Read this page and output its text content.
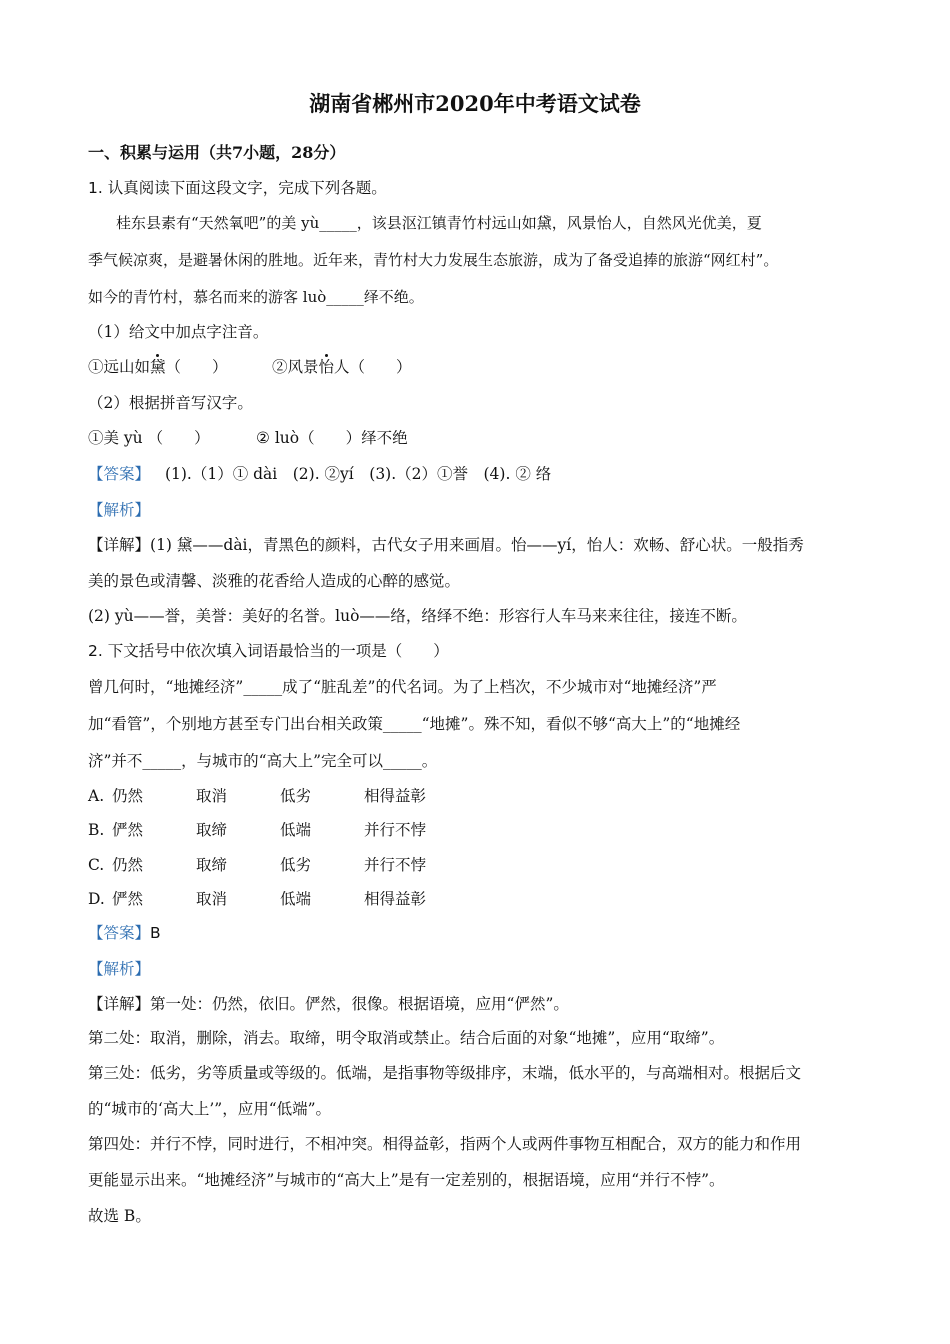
湖南省郴州市2020年中考语文试卷
一、积累与运用（共7小题，28分）
1. 认真阅读下面这段文字，完成下列各题。
桂东县素有“天然氧吧”的美 yù_____，该县沤江镇青竹村远山如黛，风景怡人，自然风光优美，夏
季气候凉爽，是避暑休闲的胜地。近年来，青竹村大力发展生态旅游，成为了备受追捧的旅游“网红村”。
如今的青竹村，慕名而来的游客 luò_____绎不绝。
（1）给文中加点字注音。
①远山如黛（　　）	②风景怡人（　　）
（2）根据拼音写汉字。
①美 yù （　　）	② luò（　　）绎不绝
【答案】 (1).（1）① dài　(2). ②yí　(3).（2）①誉　(4). ② 络
【解析】
【详解】(1) 黛——dài，青黑色的颜料，古代女子用来画眉。怡——yí，怡人：欢畅、舒心状。一般指秀
美的景色或清馨、淡雅的花香给人造成的心醉的感觉。
(2) yù——誉，美誉：美好的名誉。luò——络，络绎不绝：形容行人车马来来往往，接连不断。
2. 下文括号中依次填入词语最恰当的一项是（　　）
曾几何时，“地摊经济”_____成了“脏乱差”的代名词。为了上档次，不少城市对“地摊经济”严
加“看管”，个别地方甚至专门出台相关政策_____“地摊”。殊不知，看似不够“高大上”的“地摊经
济”并不_____，与城市的“高大上”完全可以_____。
A. 仍然	取消	低劣	相得益彰
B. 俨然	取缔	低端	并行不悖
C. 仍然	取缔	低劣	并行不悖
D. 俨然	取消	低端	相得益彰
【答案】B
【解析】
【详解】第一处：仍然，依旧。俨然，很像。根据语境，应用“俨然”。
第二处：取消，删除，消去。取缔，明令取消或禁止。结合后面的对象“地摊”，应用“取缔”。
第三处：低劣，劣等质量或等级的。低端，是指事物等级排序，末端，低水平的，与高端相对。根据后文
的“城市的‘高大上’”，应用“低端”。
第四处：并行不悖，同时进行，不相冲突。相得益彰，指两个人或两件事物互相配合，双方的能力和作用
更能显示出来。“地摊经济”与城市的“高大上”是有一定差别的，根据语境，应用“并行不悖”。
故选 B。
